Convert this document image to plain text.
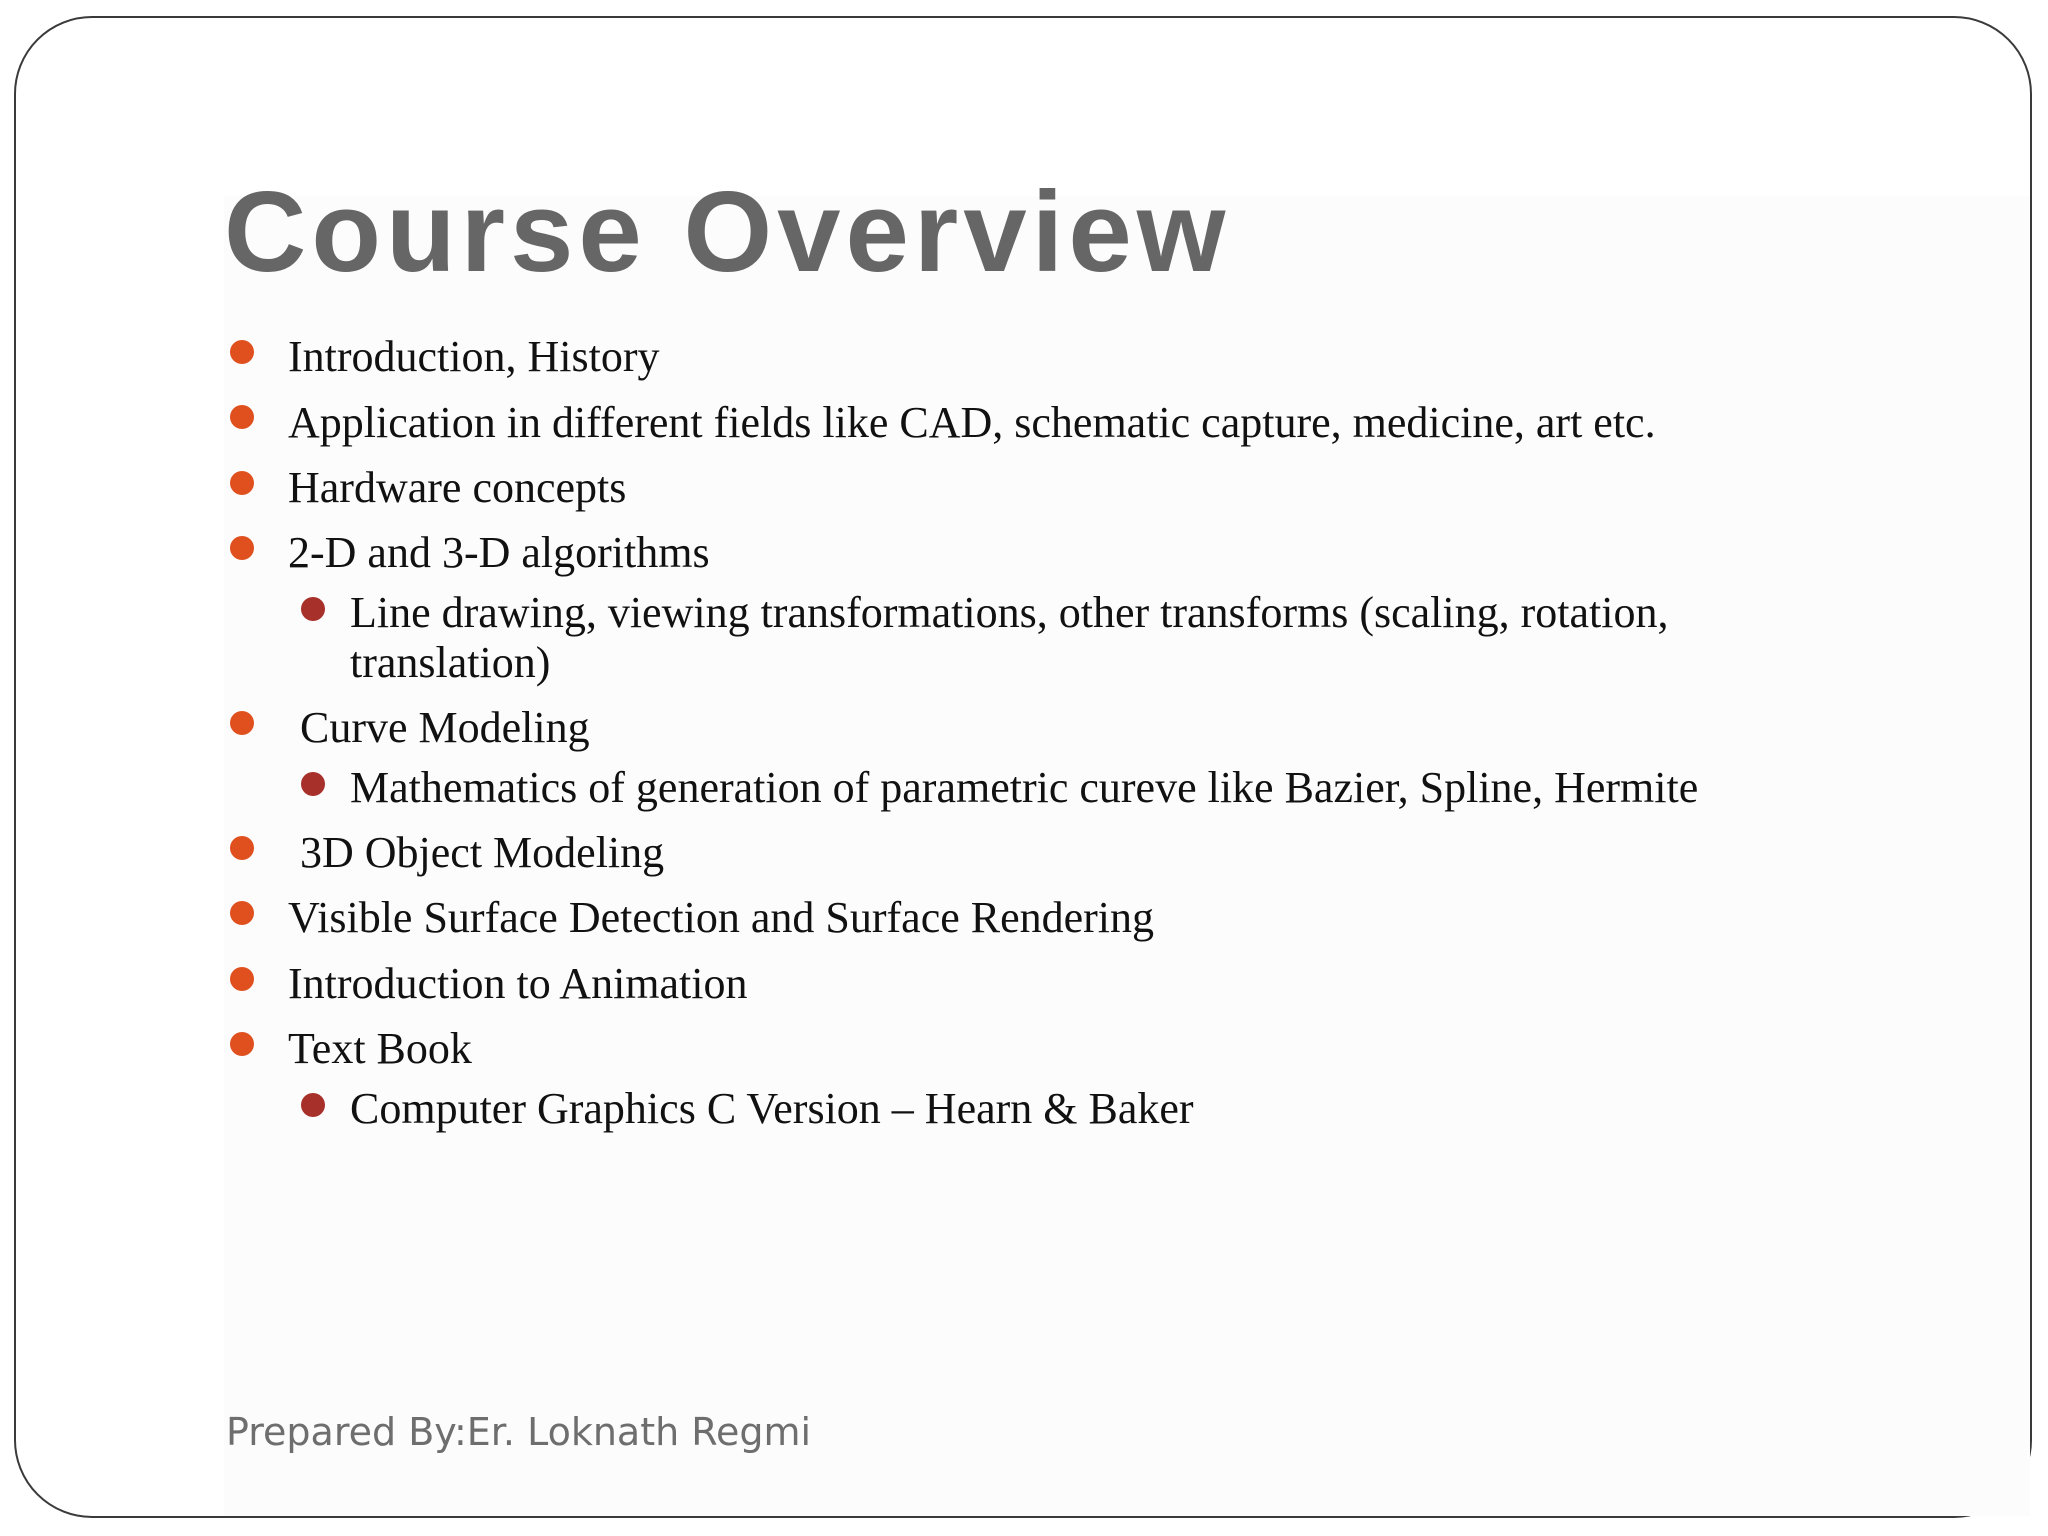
Course Overview
Introduction, History
Application in different fields like CAD, schematic capture, medicine, art etc.
Hardware concepts
2-D and 3-D algorithms
Line drawing, viewing transformations, other transforms (scaling, rotation,
translation)
Curve Modeling
Mathematics of generation of parametric cureve like Bazier, Spline, Hermite
3D Object Modeling
Visible Surface Detection and Surface Rendering
Introduction to Animation
Text Book
Computer Graphics C Version – Hearn & Baker
Prepared By:Er. Loknath Regmi
